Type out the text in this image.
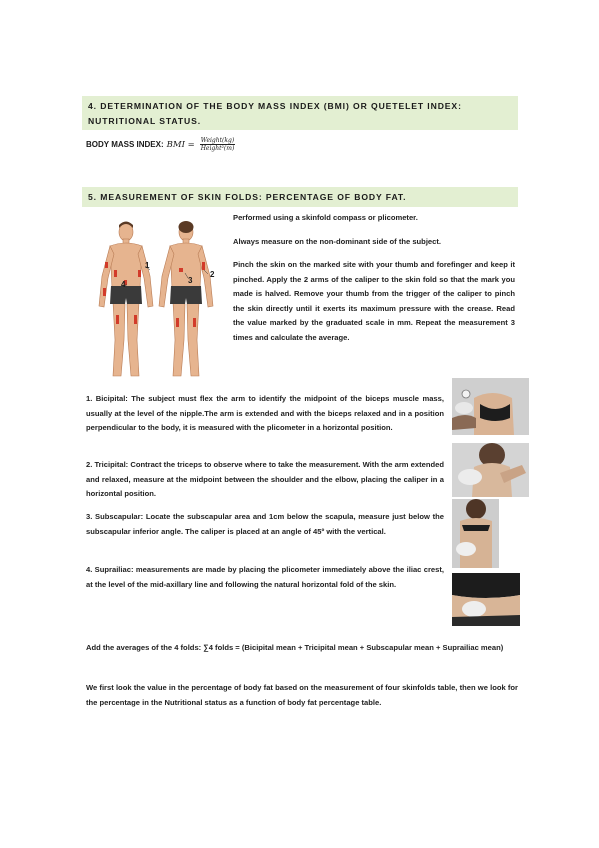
4. DETERMINATION OF THE BODY MASS INDEX (BMI) OR QUETELET INDEX: NUTRITIONAL STATUS.
BODY MASS INDEX: BMI = $\frac{\text{Weight(kg)}}{\text{Height²(m)}}$
5. MEASUREMENT OF SKIN FOLDS: PERCENTAGE OF BODY FAT.
1
4	3
2
Performed using a skinfold compass or plicometer.
Always measure on the non-dominant side of the subject.
Pinch the skin on the marked site with your thumb and forefinger and keep it pinched. Apply the 2 arms of the caliper to the skin fold so that the mark you made is halved. Remove your thumb from the trigger of the caliper to pinch the skin directly until it exerts its maximum pressure with the crease. Read the value marked by the graduated scale in mm. Repeat the measurement 3 times and calculate the average.
1. Bicipital: The subject must flex the arm to identify the midpoint of the biceps muscle mass, usually at the level of the nipple.The arm is extended and with the biceps relaxed and in a position perpendicular to the body, it is measured with the plicometer in a horizontal position.
2. Tricipital: Contract the triceps to observe where to take the measurement. With the arm extended and relaxed, measure at the midpoint between the shoulder and the elbow, placing the caliper in a horizontal position.
3. Subscapular: Locate the subscapular area and 1cm below the scapula, measure just below the subscapular inferior angle. The caliper is placed at an angle of 45º with the vertical.
4. Suprailiac: measurements are made by placing the plicometer immediately above the iliac crest, at the level of the mid-axillary line and following the natural horizontal fold of the skin.
Add the averages of the 4 folds: ∑4 folds = (Bicipital mean + Tricipital mean + Subscapular mean + Suprailiac mean)
We first look the value in the percentage of body fat based on the measurement of four skinfolds table, then we look for the percentage in the Nutritional status as a function of body fat percentage table.
